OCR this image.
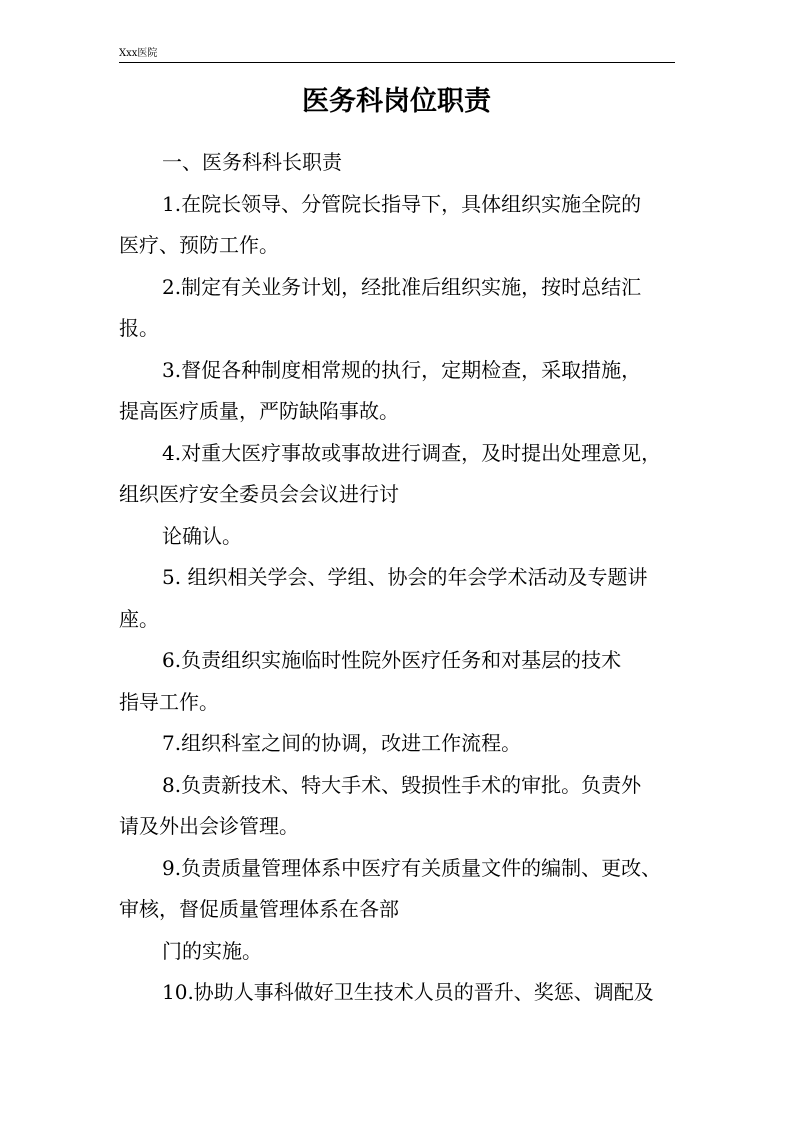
Xxx医院
医务科岗位职责
一、医务科科长职责
1.在院长领导、分管院长指导下，具体组织实施全院的
医疗、预防工作。
2.制定有关业务计划，经批准后组织实施，按时总结汇
报。
3.督促各种制度相常规的执行，定期检查，采取措施，
提高医疗质量，严防缺陷事故。
4.对重大医疗事故或事故进行调查，及时提出处理意见，
组织医疗安全委员会会议进行讨
论确认。
5. 组织相关学会、学组、协会的年会学术活动及专题讲
座。
6.负责组织实施临时性院外医疗任务和对基层的技术
指导工作。
7.组织科室之间的协调，改进工作流程。
8.负责新技术、特大手术、毁损性手术的审批。负责外
请及外出会诊管理。
9.负责质量管理体系中医疗有关质量文件的编制、更改、
审核，督促质量管理体系在各部
门的实施。
10.协助人事科做好卫生技术人员的晋升、奖惩、调配及
